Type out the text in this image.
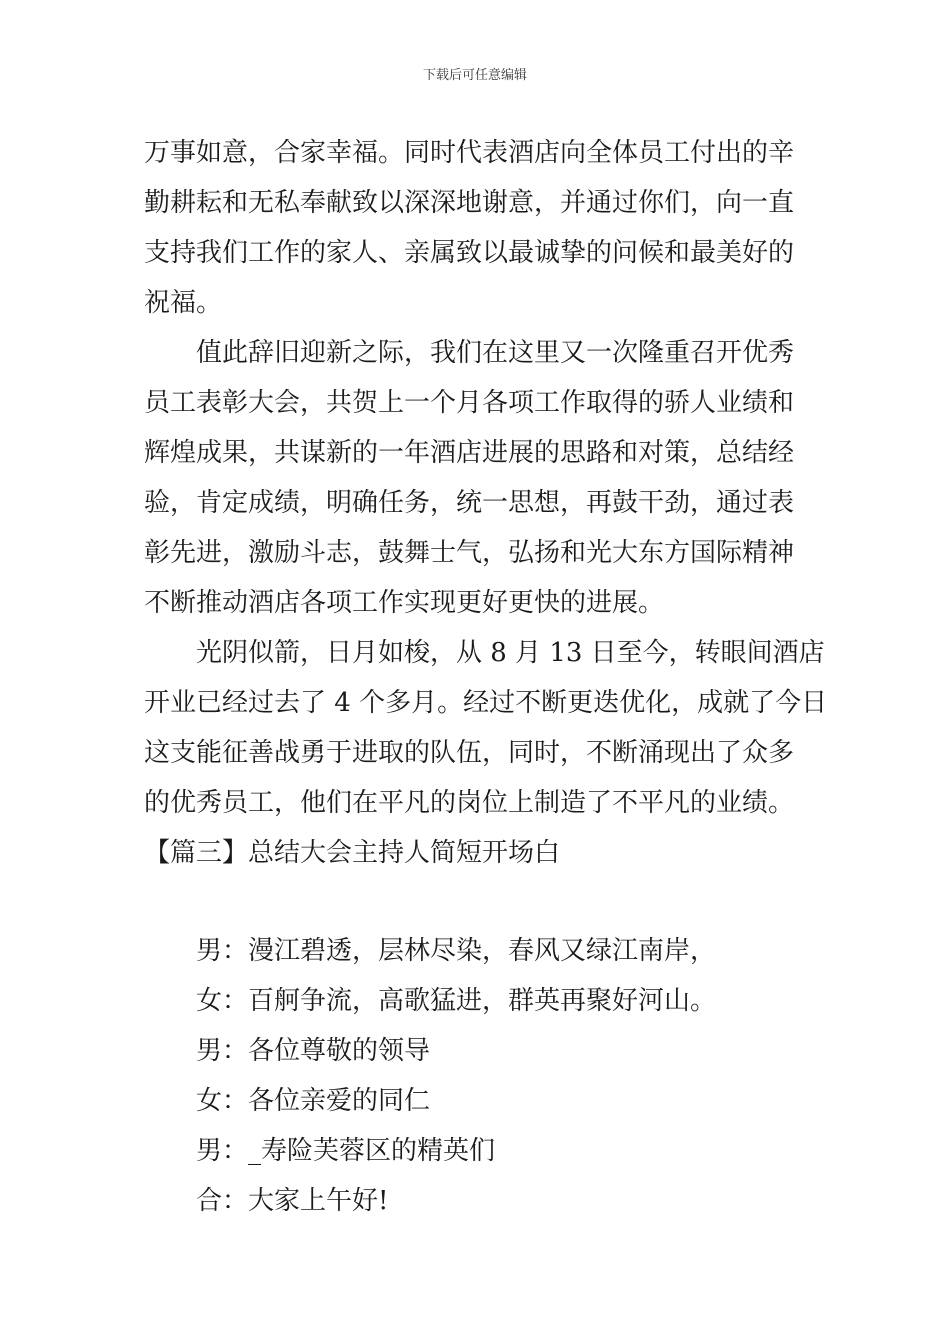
下载后可任意编辑
万事如意，合家幸福。同时代表酒店向全体员工付出的辛
勤耕耘和无私奉献致以深深地谢意，并通过你们，向一直
支持我们工作的家人、亲属致以最诚挚的问候和最美好的
祝福。
值此辞旧迎新之际，我们在这里又一次隆重召开优秀
员工表彰大会，共贺上一个月各项工作取得的骄人业绩和
辉煌成果，共谋新的一年酒店进展的思路和对策，总结经
验，肯定成绩，明确任务，统一思想，再鼓干劲，通过表
彰先进，激励斗志，鼓舞士气，弘扬和光大东方国际精神
不断推动酒店各项工作实现更好更快的进展。
光阴似箭，日月如梭，从 8 月 13 日至今，转眼间酒店
开业已经过去了 4 个多月。经过不断更迭优化，成就了今日
这支能征善战勇于进取的队伍，同时，不断涌现出了众多
的优秀员工，他们在平凡的岗位上制造了不平凡的业绩。
【篇三】总结大会主持人简短开场白
男：漫江碧透，层林尽染，春风又绿江南岸，
女：百舸争流，高歌猛进，群英再聚好河山。
男：各位尊敬的领导
女：各位亲爱的同仁
男：_寿险芙蓉区的精英们
合：大家上午好!
